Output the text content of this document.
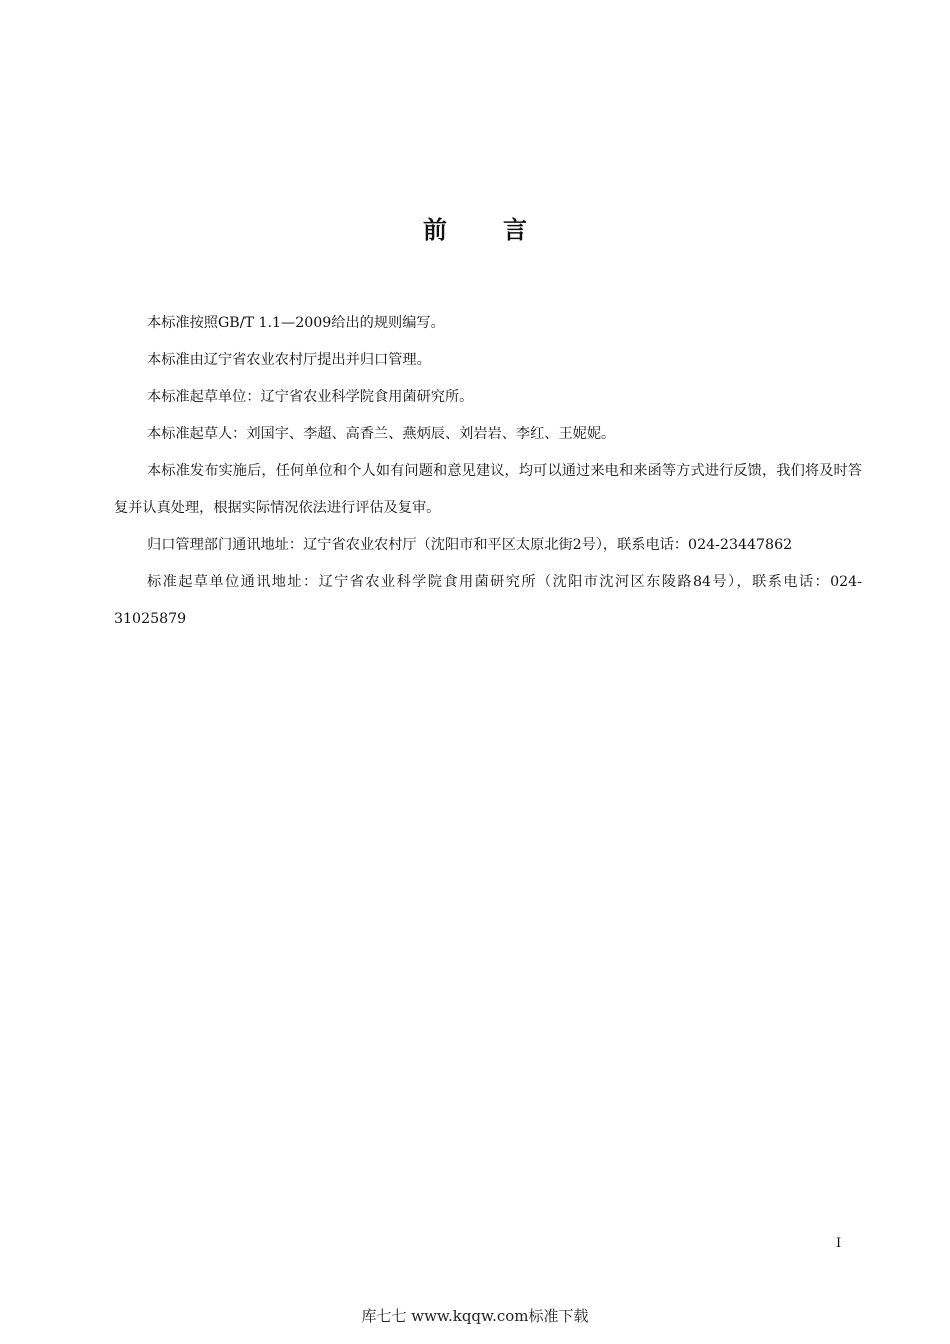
前 言

本标准按照GB/T 1.1—2009给出的规则编写。

本标准由辽宁省农业农村厅提出并归口管理。

本标准起草单位：辽宁省农业科学院食用菌研究所。

本标准起草人：刘国宇、李超、高香兰、燕炳辰、刘岩岩、李红、王妮妮。

本标准发布实施后，任何单位和个人如有问题和意见建议，均可以通过来电和来函等方式进行反馈，我们将及时答复并认真处理，根据实际情况依法进行评估及复审。

归口管理部门通讯地址：辽宁省农业农村厅（沈阳市和平区太原北街2号），联系电话：024-23447862

标准起草单位通讯地址：辽宁省农业科学院食用菌研究所（沈阳市沈河区东陵路84号），联系电话：024-31025879

I
库七七 www.kqqw.com标准下载
